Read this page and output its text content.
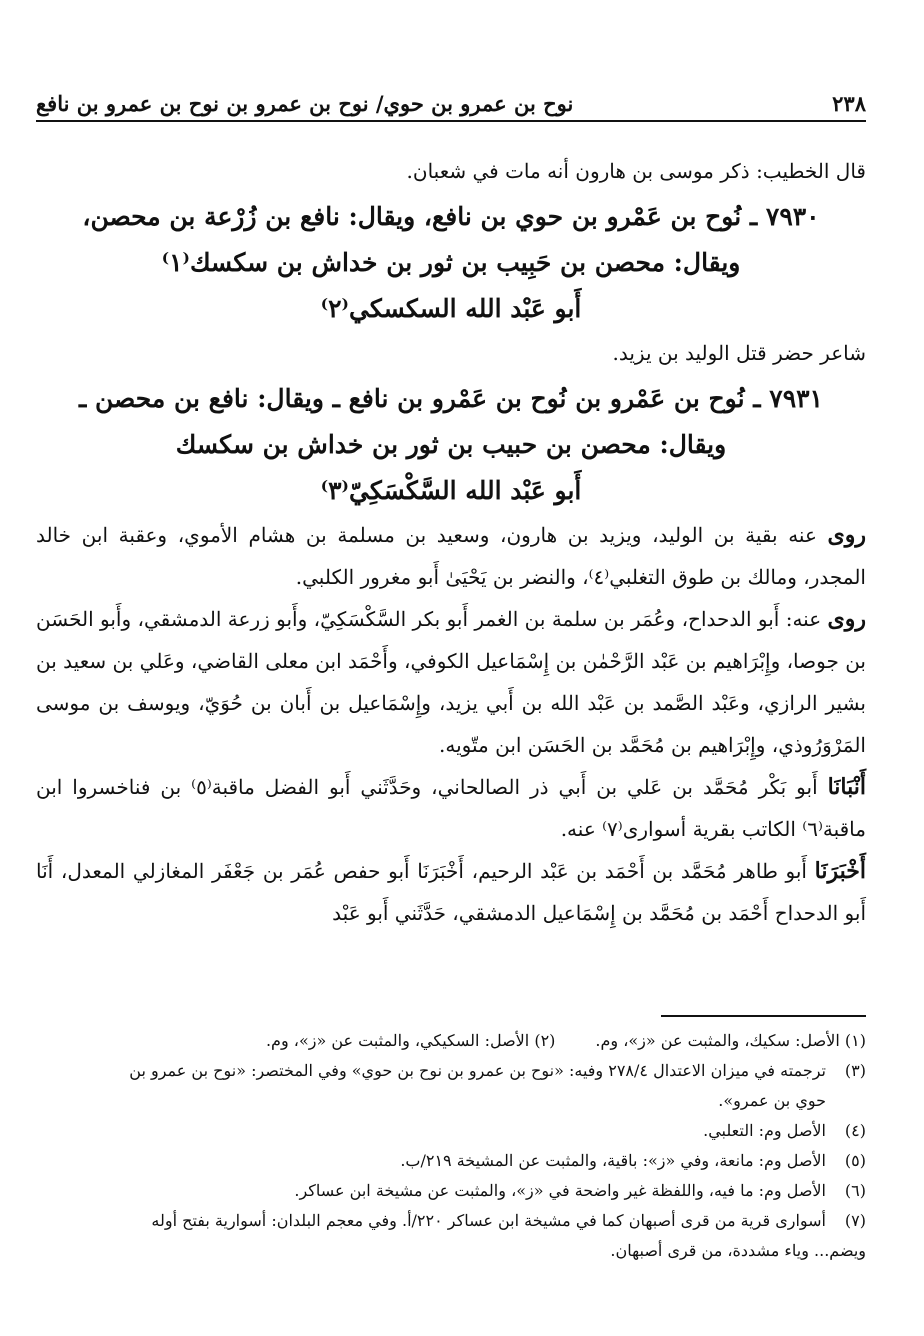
٢٣٨
نوح بن عمرو بن حوي/ نوح بن عمرو بن نوح بن عمرو بن نافع

قال الخطيب: ذكر موسى بن هارون أنه مات في شعبان.

٧٩٣٠ ـ نُوح بن عَمْرو بن حوي بن نافع، ويقال: نافع بن زُرْعة بن محصن،
ويقال: محصن بن حَبِيب بن ثور بن خداش بن سكسك⁽١⁾
أَبو عَبْد الله السكسكي⁽٢⁾

شاعر حضر قتل الوليد بن يزيد.

٧٩٣١ ـ نُوح بن عَمْرو بن نُوح بن عَمْرو بن نافع ـ ويقال: نافع بن محصن ـ
ويقال: محصن بن حبيب بن ثور بن خداش بن سكسك
أَبو عَبْد الله السَّكْسَكِيّ⁽٣⁾

روى عنه بقية بن الوليد، ويزيد بن هارون، وسعيد بن مسلمة بن هشام الأموي، وعقبة ابن خالد المجدر، ومالك بن طوق التغلبي⁽٤⁾، والنضر بن يَحْيَىٰ أَبو مغرور الكلبي.

روى عنه: أَبو الدحداح، وعُمَر بن سلمة بن الغمر أَبو بكر السَّكْسَكِيّ، وأَبو زرعة الدمشقي، وأَبو الحَسَن بن جوصا، وإِبْرَاهيم بن عَبْد الرَّحْمٰن بن إِسْمَاعيل الكوفي، وأَحْمَد ابن معلى القاضي، وعَلي بن سعيد بن بشير الرازي، وعَبْد الصَّمد بن عَبْد الله بن أَبي يزيد، وإِسْمَاعيل بن أَبان بن حُوَيّ، ويوسف بن موسى المَرْوَرُوذي، وإِبْرَاهيم بن مُحَمَّد بن الحَسَن ابن متّويه.

أَنْبَانَا أَبو بَكْر مُحَمَّد بن عَلي بن أَبي ذر الصالحاني، وحَدَّثَني أَبو الفضل ماقبة⁽٥⁾ بن فناخسروا ابن ماقبة⁽٦⁾ الكاتب بقرية أسوارى⁽٧⁾ عنه.

أَخْبَرَنَا أَبو طاهر مُحَمَّد بن أَحْمَد بن عَبْد الرحيم، أَخْبَرَنَا أَبو حفص عُمَر بن جَعْفَر المغازلي المعدل، أَنَا أَبو الدحداح أَحْمَد بن مُحَمَّد بن إِسْمَاعيل الدمشقي، حَدَّثَني أَبو عَبْد

(١) الأصل: سكيك، والمثبت عن «ز»، وم.
(٢) الأصل: السكيكي، والمثبت عن «ز»، وم.
(٣)
ترجمته في ميزان الاعتدال ٢٧٨/٤ وفيه: «نوح بن عمرو بن نوح بن حوي» وفي المختصر: «نوح بن عمرو بن
حوي بن عمرو».
(٤)
الأصل وم: التعلبي.
(٥)
الأصل وم: مانعة، وفي «ز»: باقية، والمثبت عن المشيخة ٢١٩/ب.
(٦)
الأصل وم: ما فيه، واللفظة غير واضحة في «ز»، والمثبت عن مشيخة ابن عساكر.
(٧)
أسوارى قرية من قرى أصبهان كما في مشيخة ابن عساكر ٢٢٠/أ. وفي معجم البلدان: أسوارية بفتح أوله
ويضم... وياء مشددة، من قرى أصبهان.
